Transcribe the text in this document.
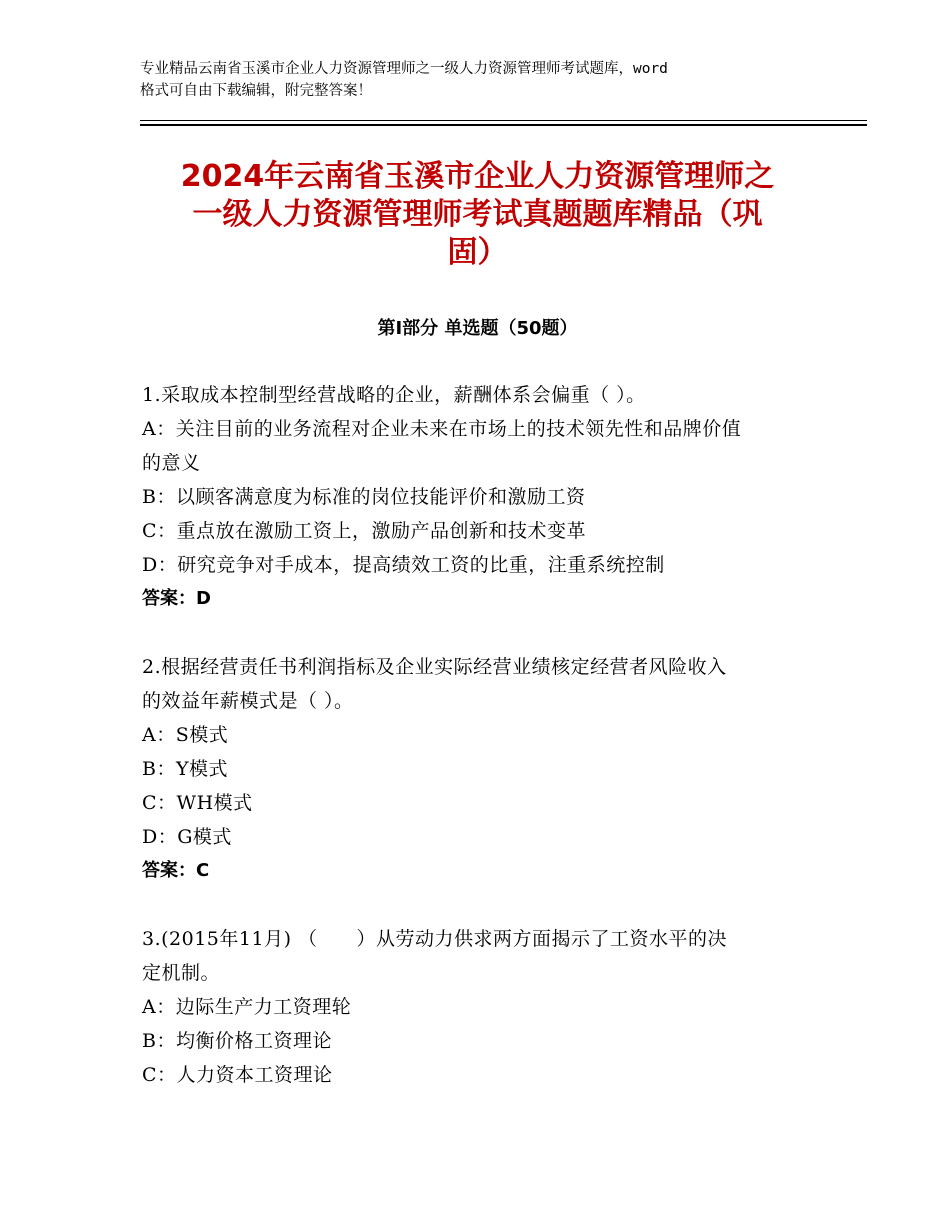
专业精品云南省玉溪市企业人力资源管理师之一级人力资源管理师考试题库，word
格式可自由下载编辑，附完整答案！
2024年云南省玉溪市企业人力资源管理师之
一级人力资源管理师考试真题题库精品（巩
固）
第Ⅰ部分 单选题（50题）
1.采取成本控制型经营战略的企业，薪酬体系会偏重（ ）。
A：关注目前的业务流程对企业未来在市场上的技术领先性和品牌价值
的意义
B：以顾客满意度为标准的岗位技能评价和激励工资
C：重点放在激励工资上，激励产品创新和技术变革
D：研究竞争对手成本，提高绩效工资的比重，注重系统控制
答案：D
2.根据经营责任书利润指标及企业实际经营业绩核定经营者风险收入
的效益年薪模式是（ ）。
A：S模式
B：Y模式
C：WH模式
D：G模式
答案：C
3.(2015年11月) （　　）从劳动力供求两方面揭示了工资水平的决
定机制。
A：边际生产力工资理轮
B：均衡价格工资理论
C：人力资本工资理论
